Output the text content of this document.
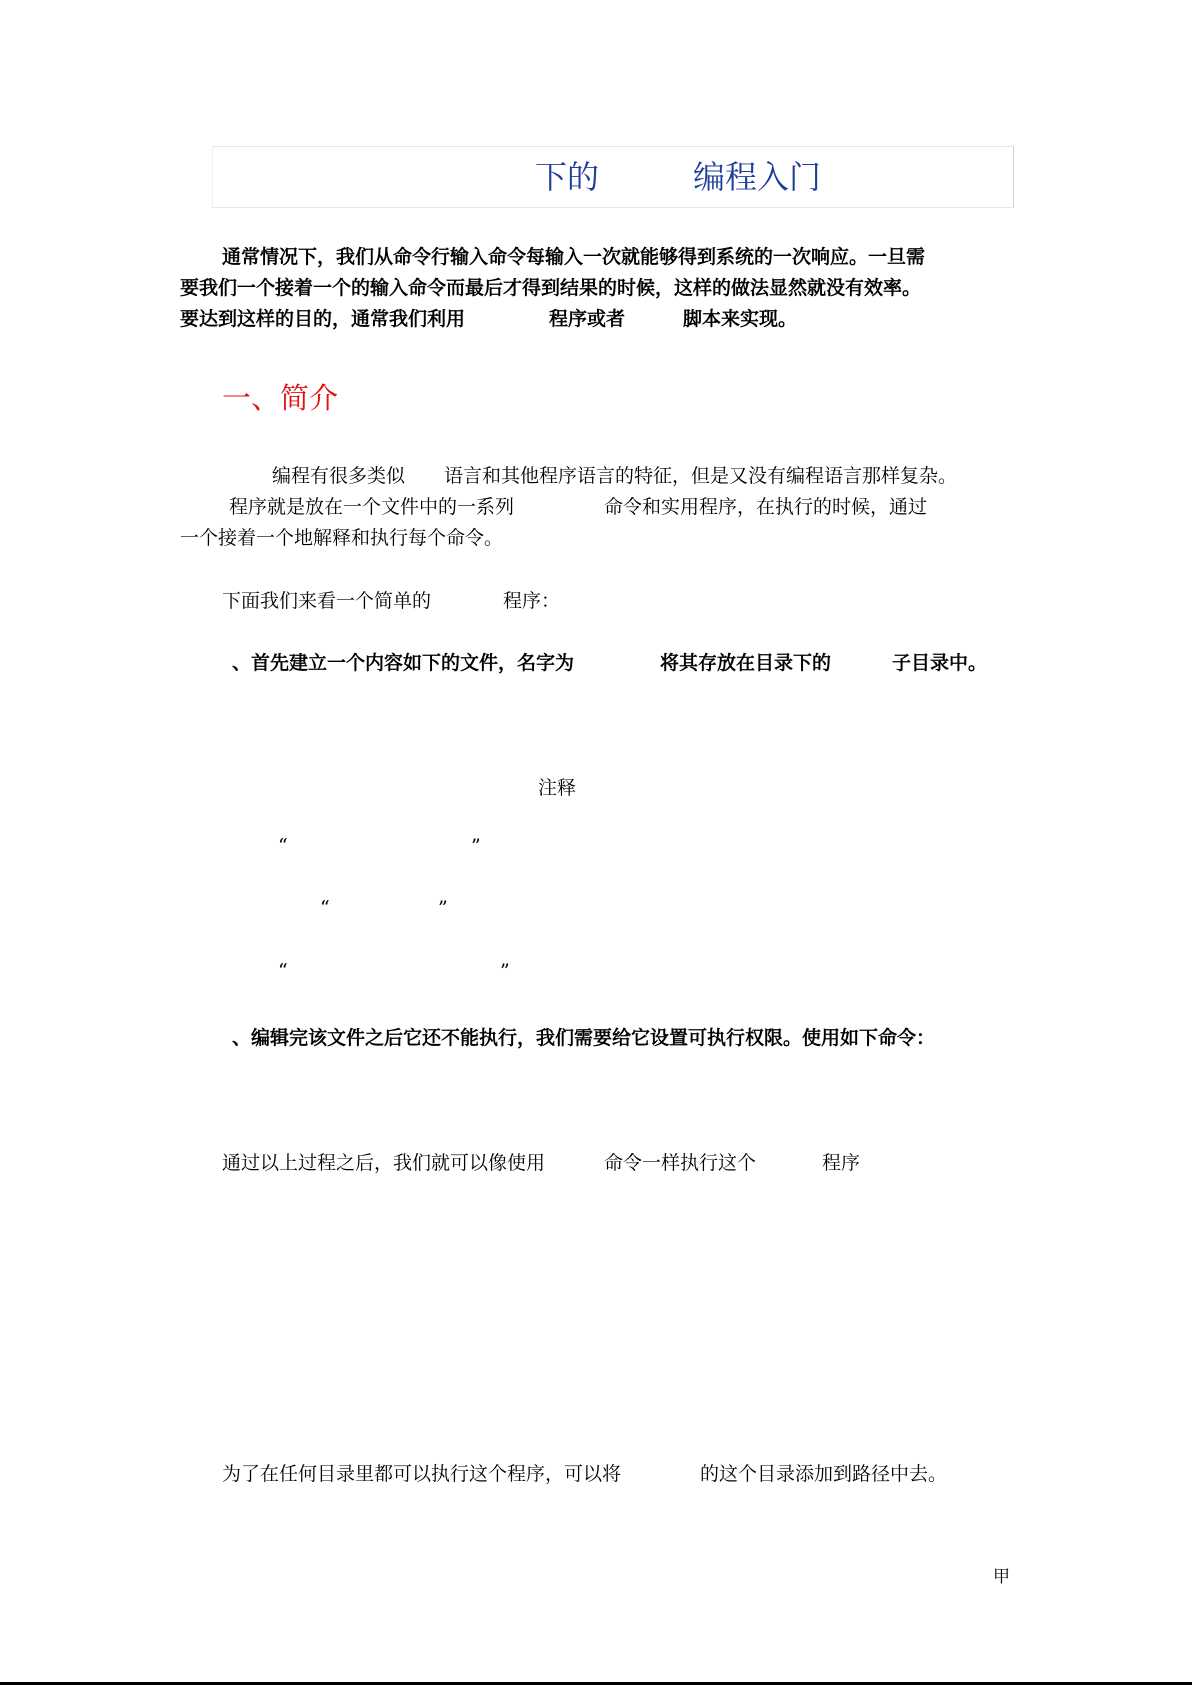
下的	编程入门
通常情况下，我们从命令行输入命令每输入一次就能够得到系统的一次响应。一旦需
要我们一个接着一个的输入命令而最后才得到结果的时候，这样的做法显然就没有效率。
要达到这样的目的，通常我们利用	程序或者	脚本来实现。
一、简介
编程有很多类似 语言和其他程序语言的特征，但是又没有编程语言那样复杂。
程序就是放在一个文件中的一系列	命令和实用程序，在执行的时候，通过
一个接着一个地解释和执行每个命令。
下面我们来看一个简单的	程序：
、首先建立一个内容如下的文件，名字为	将其存放在目录下的	子目录中。
注释
“	”
“	”
“	”
、编辑完该文件之后它还不能执行，我们需要给它设置可执行权限。使用如下命令：
通过以上过程之后，我们就可以像使用	命令一样执行这个	程序
为了在任何目录里都可以执行这个程序，可以将	的这个目录添加到路径中去。
甲
